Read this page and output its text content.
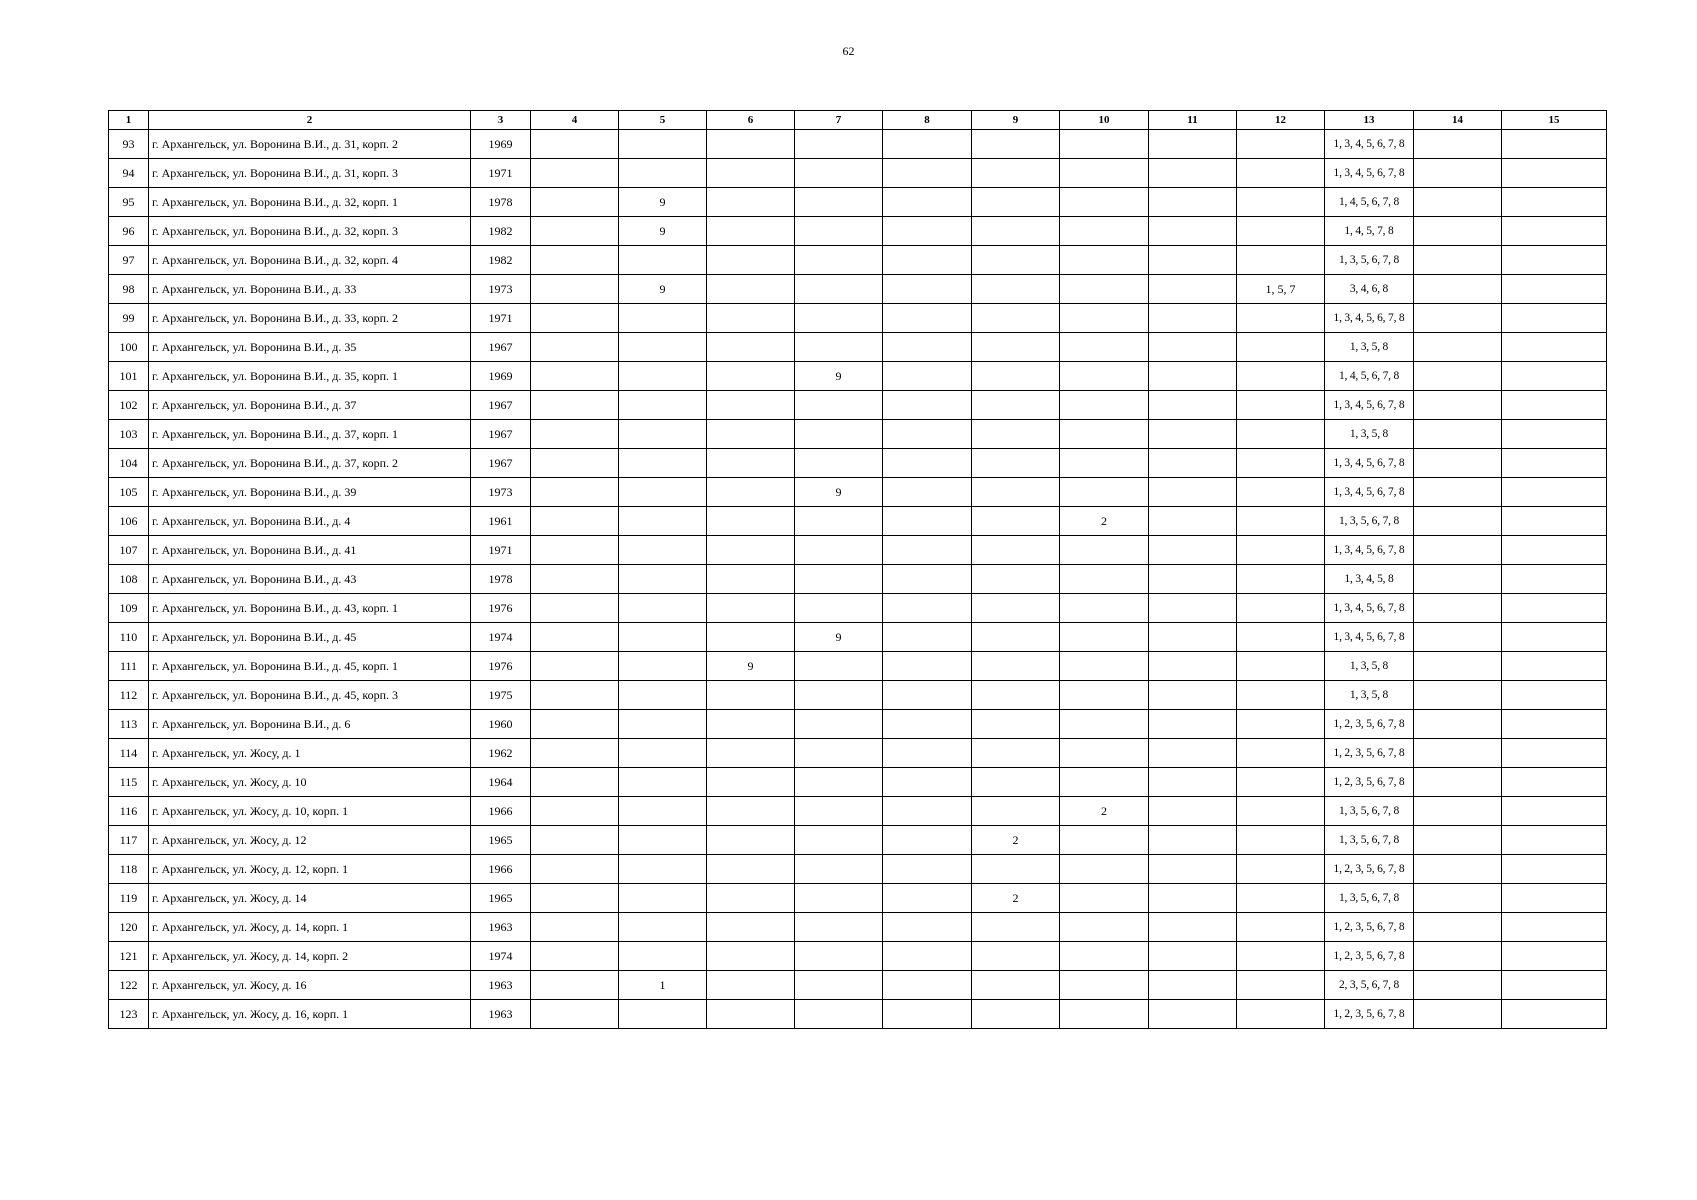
62
1	2	3	4	5	6	7	8	9	10	11	12	13	14	15
93	г. Архангельск, ул. Воронина В.И., д. 31, корп. 2	1969										1, 3, 4, 5, 6, 7, 8		
94	г. Архангельск, ул. Воронина В.И., д. 31, корп. 3	1971										1, 3, 4, 5, 6, 7, 8		
95	г. Архангельск, ул. Воронина В.И., д. 32, корп. 1	1978		9								1, 4, 5, 6, 7, 8		
96	г. Архангельск, ул. Воронина В.И., д. 32, корп. 3	1982		9								1, 4, 5, 7, 8		
97	г. Архангельск, ул. Воронина В.И., д. 32, корп. 4	1982										1, 3, 5, 6, 7, 8		
98	г. Архангельск, ул. Воронина В.И., д. 33	1973		9							1, 5, 7	3, 4, 6, 8		
99	г. Архангельск, ул. Воронина В.И., д. 33, корп. 2	1971										1, 3, 4, 5, 6, 7, 8		
100	г. Архангельск, ул. Воронина В.И., д. 35	1967										1, 3, 5, 8		
101	г. Архангельск, ул. Воронина В.И., д. 35, корп. 1	1969				9						1, 4, 5, 6, 7, 8		
102	г. Архангельск, ул. Воронина В.И., д. 37	1967										1, 3, 4, 5, 6, 7, 8		
103	г. Архангельск, ул. Воронина В.И., д. 37, корп. 1	1967										1, 3, 5, 8		
104	г. Архангельск, ул. Воронина В.И., д. 37, корп. 2	1967										1, 3, 4, 5, 6, 7, 8		
105	г. Архангельск, ул. Воронина В.И., д. 39	1973				9						1, 3, 4, 5, 6, 7, 8		
106	г. Архангельск, ул. Воронина В.И., д. 4	1961							2			1, 3, 5, 6, 7, 8		
107	г. Архангельск, ул. Воронина В.И., д. 41	1971										1, 3, 4, 5, 6, 7, 8		
108	г. Архангельск, ул. Воронина В.И., д. 43	1978										1, 3, 4, 5, 8		
109	г. Архангельск, ул. Воронина В.И., д. 43, корп. 1	1976										1, 3, 4, 5, 6, 7, 8		
110	г. Архангельск, ул. Воронина В.И., д. 45	1974				9						1, 3, 4, 5, 6, 7, 8		
111	г. Архангельск, ул. Воронина В.И., д. 45, корп. 1	1976			9							1, 3, 5, 8		
112	г. Архангельск, ул. Воронина В.И., д. 45, корп. 3	1975										1, 3, 5, 8		
113	г. Архангельск, ул. Воронина В.И., д. 6	1960										1, 2, 3, 5, 6, 7, 8		
114	г. Архангельск, ул. Жосу, д. 1	1962										1, 2, 3, 5, 6, 7, 8		
115	г. Архангельск, ул. Жосу, д. 10	1964										1, 2, 3, 5, 6, 7, 8		
116	г. Архангельск, ул. Жосу, д. 10, корп. 1	1966							2			1, 3, 5, 6, 7, 8		
117	г. Архангельск, ул. Жосу, д. 12	1965						2				1, 3, 5, 6, 7, 8		
118	г. Архангельск, ул. Жосу, д. 12, корп. 1	1966										1, 2, 3, 5, 6, 7, 8		
119	г. Архангельск, ул. Жосу, д. 14	1965						2				1, 3, 5, 6, 7, 8		
120	г. Архангельск, ул. Жосу, д. 14, корп. 1	1963										1, 2, 3, 5, 6, 7, 8		
121	г. Архангельск, ул. Жосу, д. 14, корп. 2	1974										1, 2, 3, 5, 6, 7, 8		
122	г. Архангельск, ул. Жосу, д. 16	1963		1								2, 3, 5, 6, 7, 8		
123	г. Архангельск, ул. Жосу, д. 16, корп. 1	1963										1, 2, 3, 5, 6, 7, 8		
